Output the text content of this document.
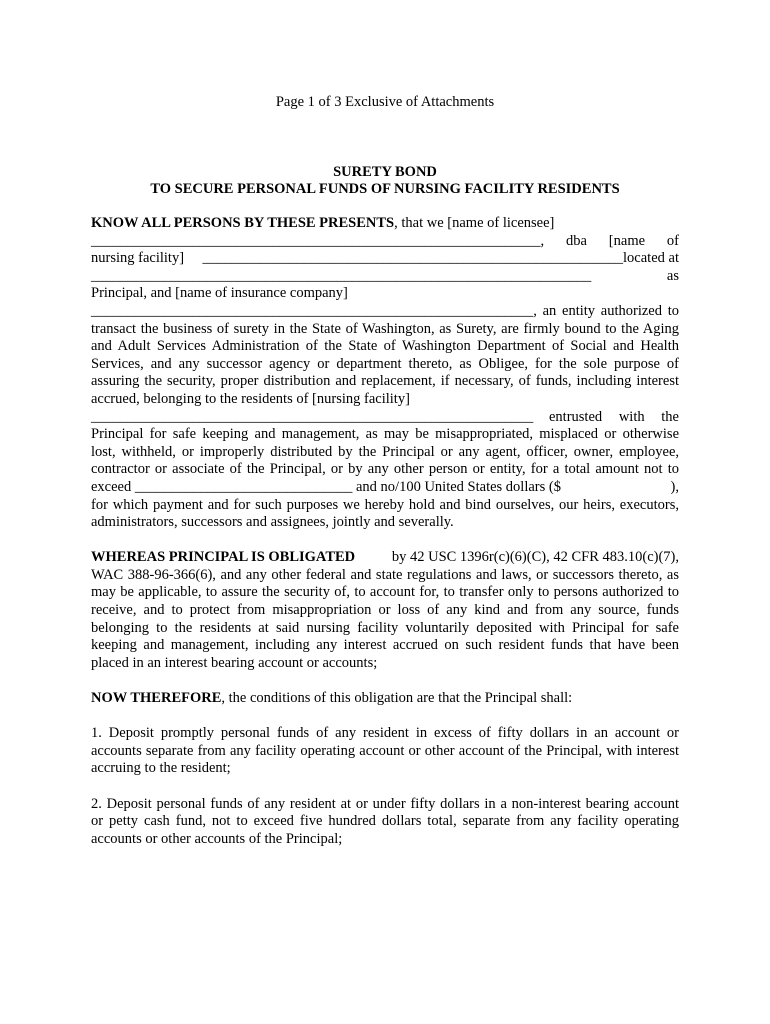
Page 1 of 3 Exclusive of Attachments
SURETY BOND
TO SECURE PERSONAL FUNDS OF NURSING FACILITY RESIDENTS
KNOW ALL PERSONS BY THESE PRESENTS, that we [name of licensee]
______________________________________________________________, dba [name of
nursing facility] __________________________________________________________located at
_____________________________________________________________________ as
Principal, and [name of insurance company]
_____________________________________________________________, an entity authorized to
transact the business of surety in the State of Washington, as Surety, are firmly bound to the Aging
and Adult Services Administration of the State of Washington Department of Social and Health
Services, and any successor agency or department thereto, as Obligee, for the sole purpose of
assuring the security, proper distribution and replacement, if necessary, of funds, including interest
accrued, belonging to the residents of [nursing facility]
_____________________________________________________________ entrusted with the
Principal for safe keeping and management, as may be misappropriated, misplaced or otherwise
lost, withheld, or improperly distributed by the Principal or any agent, officer, owner, employee,
contractor or associate of the Principal, or by any other person or entity, for a total amount not to
exceed ______________________________ and no/100 United States dollars ($	),
for which payment and for such purposes we hereby hold and bind ourselves, our heirs, executors,
administrators, successors and assignees, jointly and severally.
WHEREAS PRINCIPAL IS OBLIGATED	by 42 USC 1396r(c)(6)(C), 42 CFR 483.10(c)(7),
WAC 388-96-366(6), and any other federal and state regulations and laws, or successors thereto, as
may be applicable, to assure the security of, to account for, to transfer only to persons authorized to
receive, and to protect from misappropriation or loss of any kind and from any source, funds
belonging to the residents at said nursing facility voluntarily deposited with Principal for safe
keeping and management, including any interest accrued on such resident funds that have been
placed in an interest bearing account or accounts;
NOW THEREFORE, the conditions of this obligation are that the Principal shall:
1. Deposit promptly personal funds of any resident in excess of fifty dollars in an account or
accounts separate from any facility operating account or other account of the Principal, with interest
accruing to the resident;
2. Deposit personal funds of any resident at or under fifty dollars in a non-interest bearing account
or petty cash fund, not to exceed five hundred dollars total, separate from any facility operating
accounts or other accounts of the Principal;
